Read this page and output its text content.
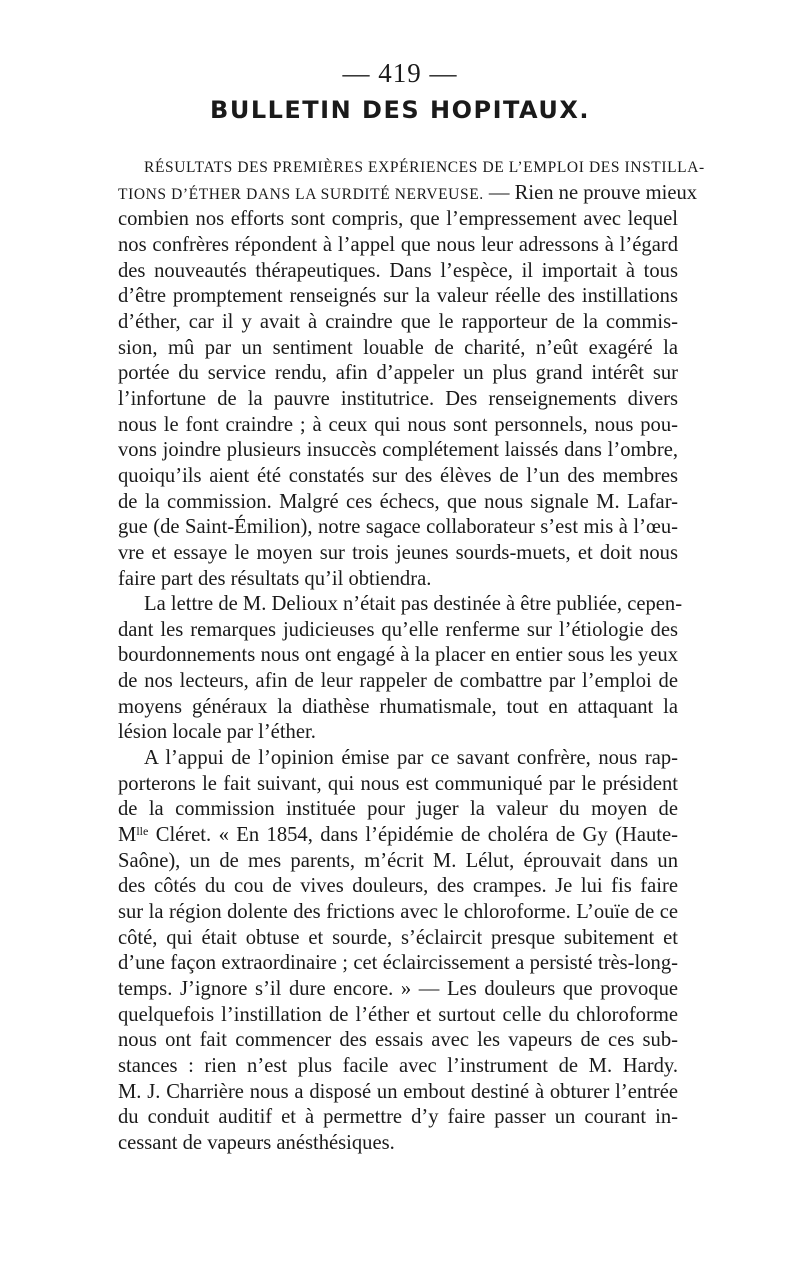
— 419 —
BULLETIN DES HOPITAUX.
RÉSULTATS DES PREMIÈRES EXPÉRIENCES DE L’EMPLOI DES INSTILLA-
TIONS D’ÉTHER DANS LA SURDITÉ NERVEUSE. — Rien ne prouve mieux
combien nos efforts sont compris, que l’empressement avec lequel
nos confrères répondent à l’appel que nous leur adressons à l’égard
des nouveautés thérapeutiques. Dans l’espèce, il importait à tous
d’être promptement renseignés sur la valeur réelle des instillations
d’éther, car il y avait à craindre que le rapporteur de la commis-
sion, mû par un sentiment louable de charité, n’eût exagéré la
portée du service rendu, afin d’appeler un plus grand intérêt sur
l’infortune de la pauvre institutrice. Des renseignements divers
nous le font craindre ; à ceux qui nous sont personnels, nous pou-
vons joindre plusieurs insuccès complétement laissés dans l’ombre,
quoiqu’ils aient été constatés sur des élèves de l’un des membres
de la commission. Malgré ces échecs, que nous signale M. Lafar-
gue (de Saint-Émilion), notre sagace collaborateur s’est mis à l’œu-
vre et essaye le moyen sur trois jeunes sourds-muets, et doit nous
faire part des résultats qu’il obtiendra.
La lettre de M. Delioux n’était pas destinée à être publiée, cepen-
dant les remarques judicieuses qu’elle renferme sur l’étiologie des
bourdonnements nous ont engagé à la placer en entier sous les yeux
de nos lecteurs, afin de leur rappeler de combattre par l’emploi de
moyens généraux la diathèse rhumatismale, tout en attaquant la
lésion locale par l’éther.
A l’appui de l’opinion émise par ce savant confrère, nous rap-
porterons le fait suivant, qui nous est communiqué par le président
de la commission instituée pour juger la valeur du moyen de
$M^{lle}$ Cléret. « En 1854, dans l’épidémie de choléra de Gy (Haute-
Saône), un de mes parents, m’écrit M. Lélut, éprouvait dans un
des côtés du cou de vives douleurs, des crampes. Je lui fis faire
sur la région dolente des frictions avec le chloroforme. L’ouïe de ce
côté, qui était obtuse et sourde, s’éclaircit presque subitement et
d’une façon extraordinaire ; cet éclaircissement a persisté très-long-
temps. J’ignore s’il dure encore. » — Les douleurs que provoque
quelquefois l’instillation de l’éther et surtout celle du chloroforme
nous ont fait commencer des essais avec les vapeurs de ces sub-
stances : rien n’est plus facile avec l’instrument de M. Hardy.
M. J. Charrière nous a disposé un embout destiné à obturer l’entrée
du conduit auditif et à permettre d’y faire passer un courant in-
cessant de vapeurs anésthésiques.
